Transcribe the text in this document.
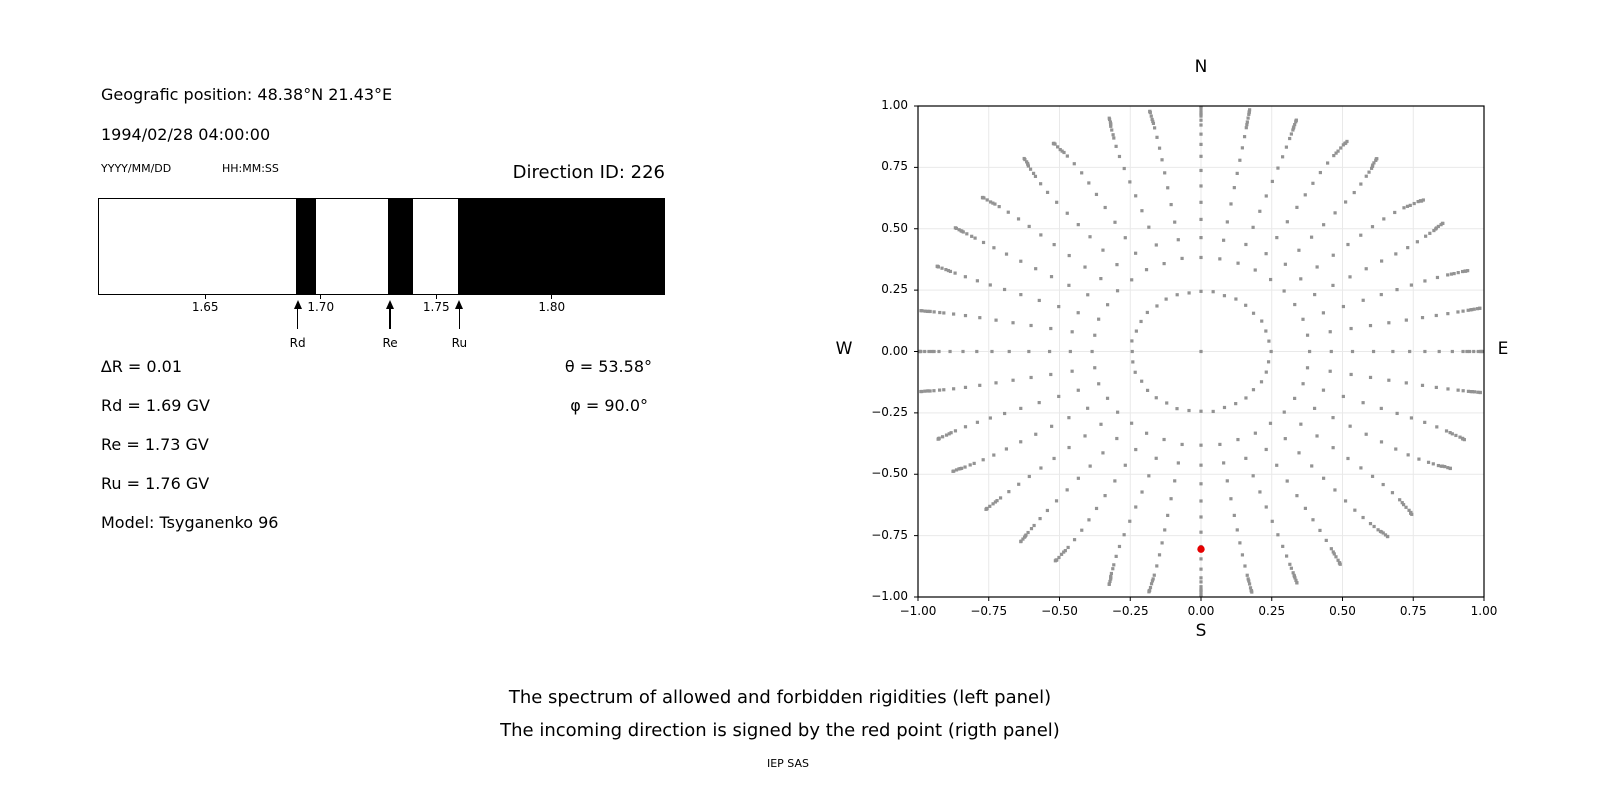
Geografic position: 48.38°N 21.43°E
1994/02/28 04:00:00
YYYY/MM/DD	HH:MM:SS	Direction ID: 226
1.65	1.70	1.75	1.80
Rd	Re	Ru
∆R = 0.01
Rd = 1.69 GV
Re = 1.73 GV
Ru = 1.76 GV
Model: Tsyganenko 96
θ = 53.58°
φ = 90.0°
N
S
W	E
−1.00
−1.00
−0.75
−0.75
−0.50
−0.50
−0.25
−0.25
0.00
0.00
0.25
0.25
0.50
0.50
0.75
0.75
1.00
1.00
The spectrum of allowed and forbidden rigidities (left panel)
The incoming direction is signed by the red point (rigth panel)
IEP SAS
